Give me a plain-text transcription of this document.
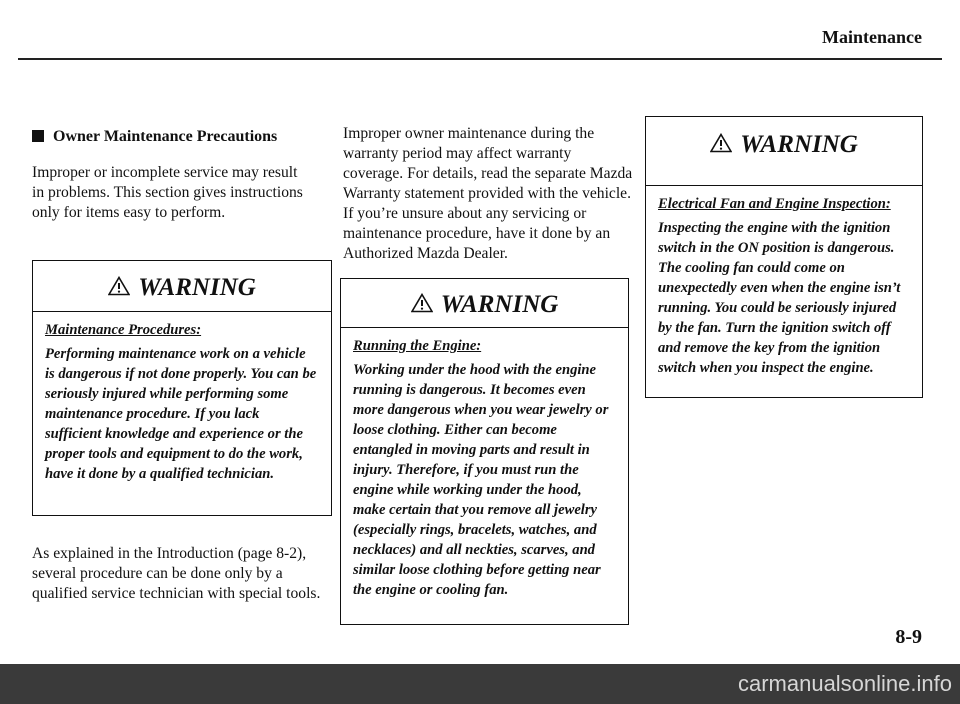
Maintenance
Owner Maintenance Precautions
Improper or incomplete service may result in problems. This section gives instructions only for items easy to perform.
WARNING
Maintenance Procedures:
Performing maintenance work on a vehicle is dangerous if not done properly. You can be seriously injured while performing some maintenance procedure. If you lack sufficient knowledge and experience or the proper tools and equipment to do the work, have it done by a qualified technician.
As explained in the Introduction (page 8-2), several procedure can be done only by a qualified service technician with special tools.
Improper owner maintenance during the warranty period may affect warranty coverage. For details, read the separate Mazda Warranty statement provided with the vehicle. If you’re unsure about any servicing or maintenance procedure, have it done by an Authorized Mazda Dealer.
WARNING
Running the Engine:
Working under the hood with the engine running is dangerous. It becomes even more dangerous when you wear jewelry or loose clothing. Either can become entangled in moving parts and result in injury. Therefore, if you must run the engine while working under the hood, make certain that you remove all jewelry (especially rings, bracelets, watches, and necklaces) and all neckties, scarves, and similar loose clothing before getting near the engine or cooling fan.
WARNING
Electrical Fan and Engine Inspection:
Inspecting the engine with the ignition switch in the ON position is dangerous. The cooling fan could come on unexpectedly even when the engine isn’t running. You could be seriously injured by the fan. Turn the ignition switch off and remove the key from the ignition switch when you inspect the engine.
8-9
carmanualsonline.info
